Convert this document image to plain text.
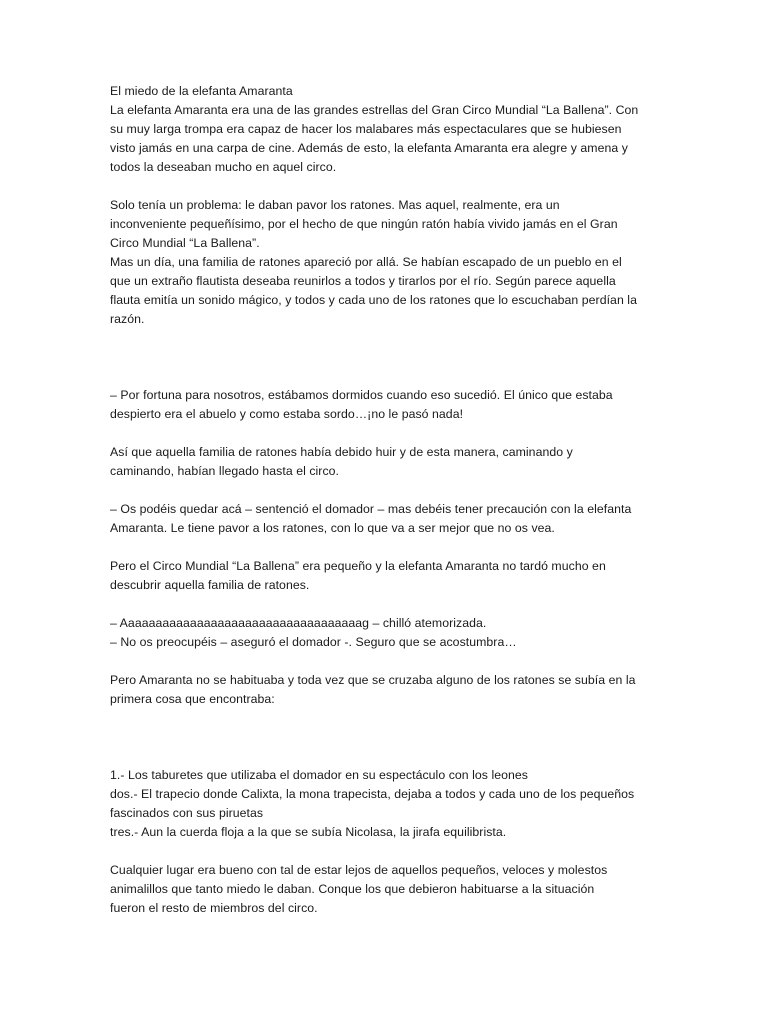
El miedo de la elefanta Amaranta
La elefanta Amaranta era una de las grandes estrellas del Gran Circo Mundial “La Ballena”. Con
su muy larga trompa era capaz de hacer los malabares más espectaculares que se hubiesen
visto jamás en una carpa de cine. Además de esto, la elefanta Amaranta era alegre y amena y
todos la deseaban mucho en aquel circo.
Solo tenía un problema: le daban pavor los ratones. Mas aquel, realmente, era un
inconveniente pequeñísimo, por el hecho de que ningún ratón había vivido jamás en el Gran
Circo Mundial “La Ballena”.
Mas un día, una familia de ratones apareció por allá. Se habían escapado de un pueblo en el
que un extraño flautista deseaba reunirlos a todos y tirarlos por el río. Según parece aquella
flauta emitía un sonido mágico, y todos y cada uno de los ratones que lo escuchaban perdían la
razón.
– Por fortuna para nosotros, estábamos dormidos cuando eso sucedió. El único que estaba
despierto era el abuelo y como estaba sordo…¡no le pasó nada!
Así que aquella familia de ratones había debido huir y de esta manera, caminando y
caminando, habían llegado hasta el circo.
– Os podéis quedar acá – sentenció el domador – mas debéis tener precaución con la elefanta
Amaranta. Le tiene pavor a los ratones, con lo que va a ser mejor que no os vea.
Pero el Circo Mundial “La Ballena” era pequeño y la elefanta Amaranta no tardó mucho en
descubrir aquella familia de ratones.
– Aaaaaaaaaaaaaaaaaaaaaaaaaaaaaaaaaaag – chilló atemorizada.
– No os preocupéis – aseguró el domador -. Seguro que se acostumbra…
Pero Amaranta no se habituaba y toda vez que se cruzaba alguno de los ratones se subía en la
primera cosa que encontraba:
1.- Los taburetes que utilizaba el domador en su espectáculo con los leones
dos.- El trapecio donde Calixta, la mona trapecista, dejaba a todos y cada uno de los pequeños
fascinados con sus piruetas
tres.- Aun la cuerda floja a la que se subía Nicolasa, la jirafa equilibrista.
Cualquier lugar era bueno con tal de estar lejos de aquellos pequeños, veloces y molestos
animalillos que tanto miedo le daban. Conque los que debieron habituarse a la situación
fueron el resto de miembros del circo.
